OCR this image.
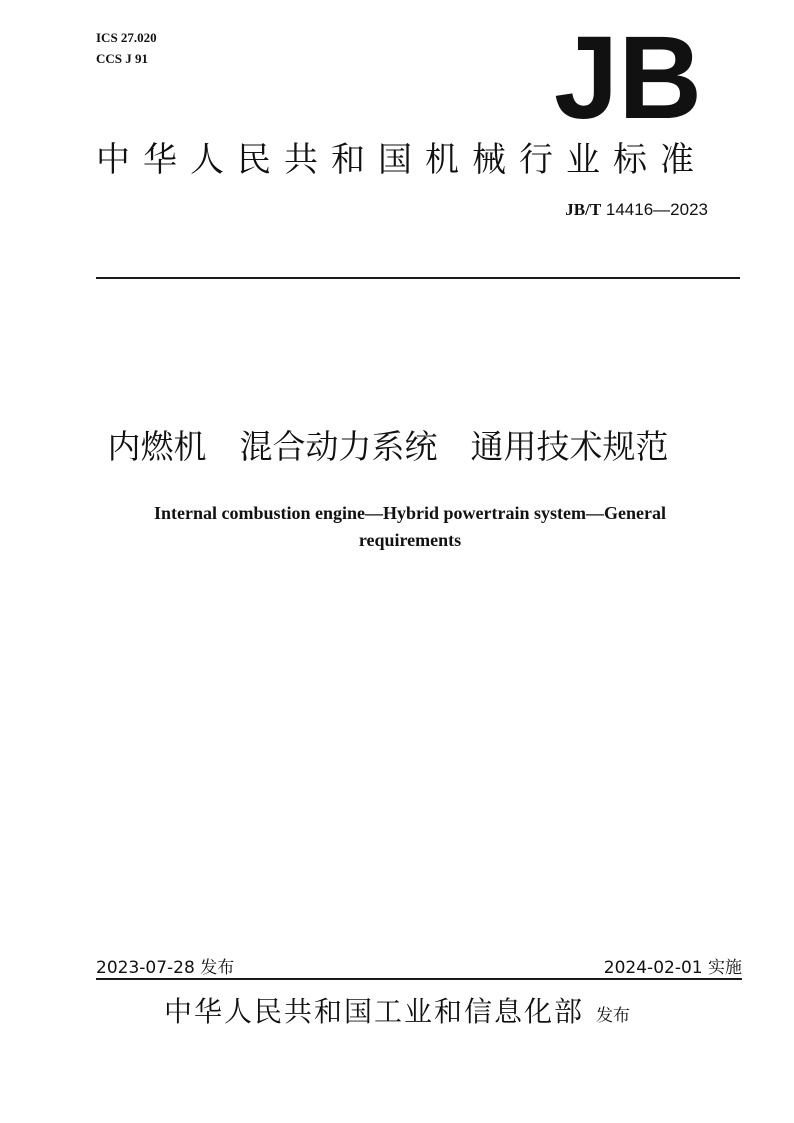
ICS 27.020
CCS J 91	JB
中华人民共和国机械行业标准
JB/T 14416—2023
内燃机　混合动力系统　通用技术规范
Internal combustion engine—Hybrid powertrain system—General requirements
2023-07-28 发布	2024-02-01 实施
中华人民共和国工业和信息化部 发布
